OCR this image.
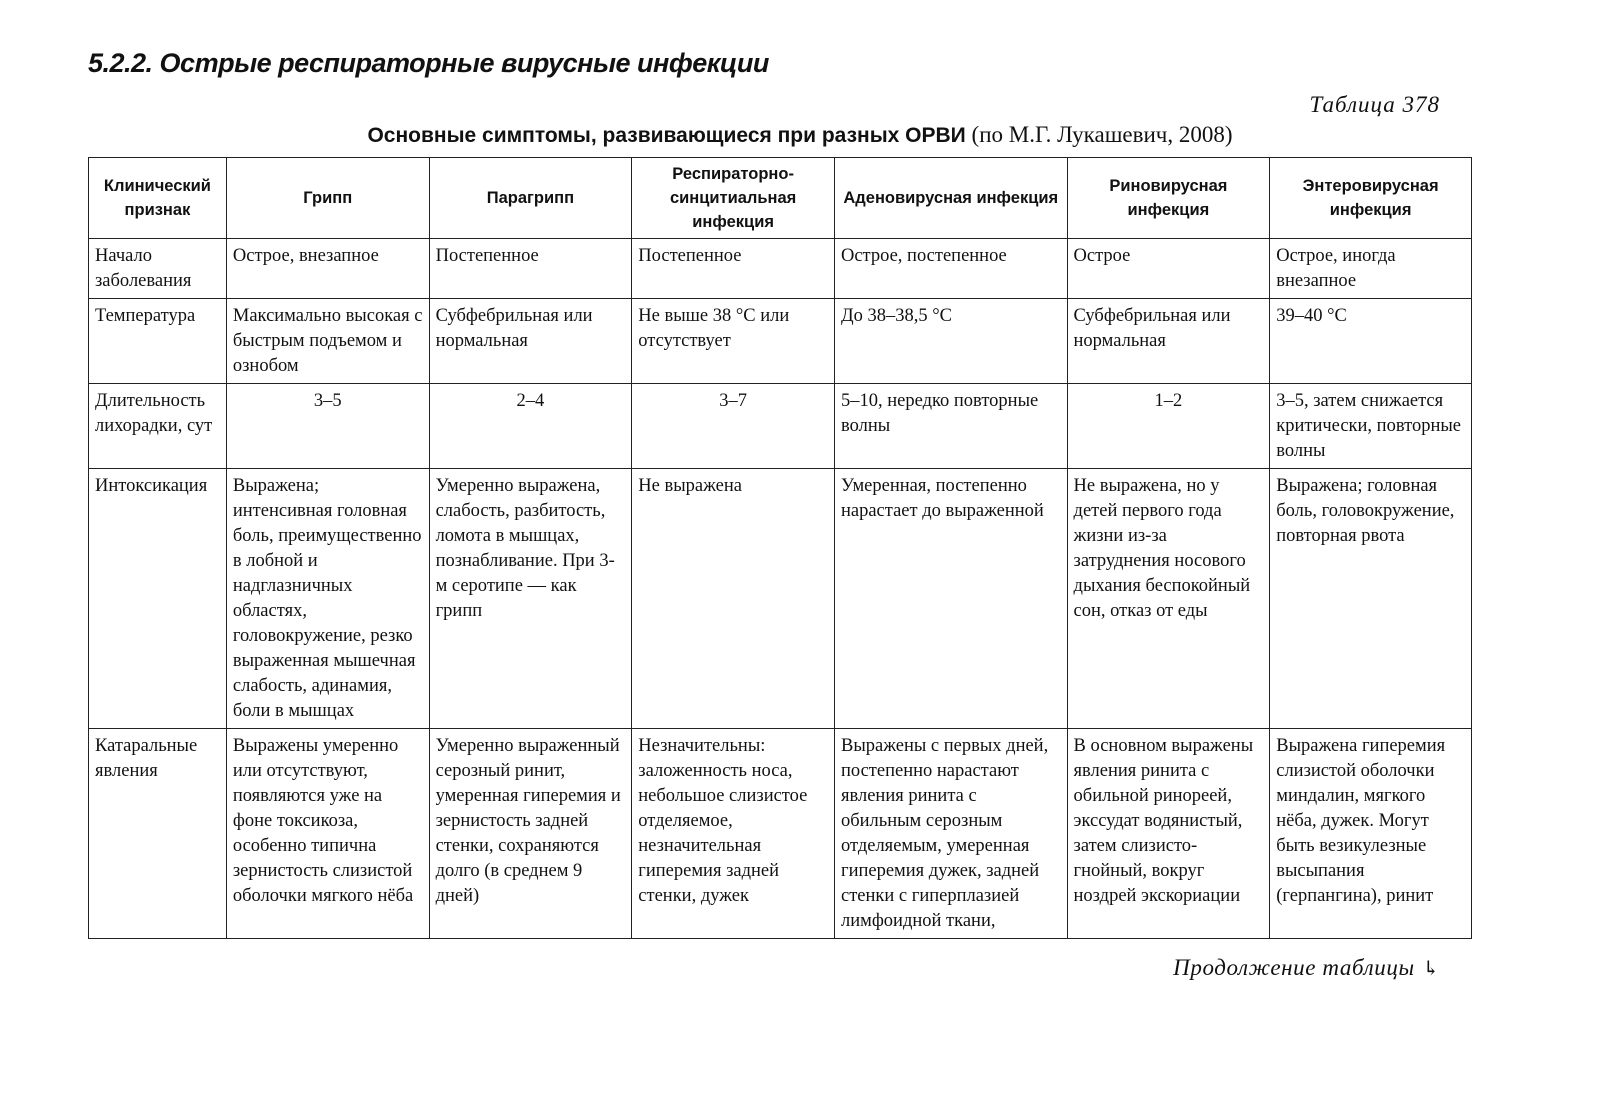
5.2.2. Острые респираторные вирусные инфекции
Таблица 378
Основные симптомы, развивающиеся при разных ОРВИ (по М.Г. Лукашевич, 2008)
Клинический признак	Грипп	Парагрипп	Респираторно-синцитиальная инфекция	Аденовирусная инфекция	Риновирусная инфекция	Энтеровирусная инфекция
Начало заболевания	Острое, внезапное	Постепенное	Постепенное	Острое, постепенное	Острое	Острое, иногда внезапное
Температура	Максимально высокая с быстрым подъемом и ознобом	Субфебрильная или нормальная	Не выше 38 °С или отсутствует	До 38–38,5 °С	Субфебрильная или нормальная	39–40 °С
Длительность лихорадки, сут	3–5	2–4	3–7	5–10, нередко повторные волны	1–2	3–5, затем снижается критически, повторные волны
Интоксикация	Выражена; интенсивная головная боль, преимущественно в лобной и надглазничных областях, головокружение, резко выраженная мышечная слабость, адинамия, боли в мышцах	Умеренно выражена, слабость, разбитость, ломота в мышцах, познабливание. При 3-м серотипе — как грипп	Не выражена	Умеренная, постепенно нарастает до выраженной	Не выражена, но у детей первого года жизни из-за затруднения носового дыхания беспокойный сон, отказ от еды	Выражена; головная боль, головокружение, повторная рвота
Катаральные явления	Выражены умеренно или отсутствуют, появляются уже на фоне токсикоза, особенно типична зернистость слизистой оболочки мягкого нёба	Умеренно выраженный серозный ринит, умеренная гиперемия и зернистость задней стенки, сохраняются долго (в среднем 9 дней)	Незначительны: заложенность носа, небольшое слизистое отделяемое, незначительная гиперемия задней стенки, дужек	Выражены с первых дней, постепенно нарастают явления ринита с обильным серозным отделяемым, умеренная гиперемия дужек, задней стенки с гиперплазией лимфоидной ткани,	В основном выражены явления ринита с обильной ринореей, экссудат водянистый, затем слизисто-гнойный, вокруг ноздрей экскориации	Выражена гиперемия слизистой оболочки миндалин, мягкого нёба, дужек. Могут быть везикулезные высыпания (герпангина), ринит
Продолжение таблицы ↳
